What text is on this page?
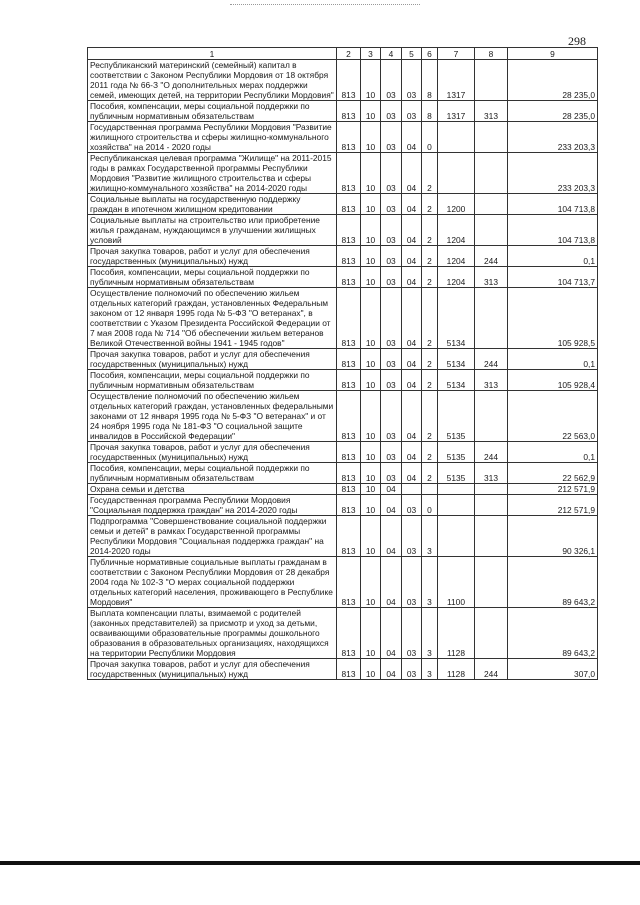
298
1	2	3	4	5	6	7	8	9
Республиканский материнский (семейный) капитал в соответствии с Законом Республики Мордовия от 18 октября 2011 года № 66-З "О дополнительных мерах поддержки семей, имеющих детей, на территории Республики Мордовия"	813	10	03	03	8	1317		28 235,0
Пособия, компенсации, меры социальной поддержки по публичным нормативным обязательствам	813	10	03	03	8	1317	313	28 235,0
Государственная программа Республики Мордовия "Развитие жилищного строительства и сферы жилищно-коммунального хозяйства" на 2014 - 2020 годы	813	10	03	04	0			233 203,3
Республиканская целевая программа "Жилище" на 2011-2015 годы в рамках Государственной программы Республики Мордовия "Развитие жилищного строительства и сферы жилищно-коммунального хозяйства" на 2014-2020 годы	813	10	03	04	2			233 203,3
Социальные выплаты на государственную поддержку граждан в ипотечном жилищном кредитовании	813	10	03	04	2	1200		104 713,8
Социальные выплаты на строительство или приобретение жилья гражданам, нуждающимся в улучшении жилищных условий	813	10	03	04	2	1204		104 713,8
Прочая закупка товаров, работ и услуг для обеспечения государственных (муниципальных) нужд	813	10	03	04	2	1204	244	0,1
Пособия, компенсации, меры социальной поддержки по публичным нормативным обязательствам	813	10	03	04	2	1204	313	104 713,7
Осуществление полномочий по обеспечению жильем отдельных категорий граждан, установленных Федеральным законом от 12 января 1995 года № 5-ФЗ "О ветеранах", в соответствии с Указом Президента Российской Федерации от 7 мая 2008 года № 714 "Об обеспечении жильем ветеранов Великой Отечественной войны 1941 - 1945 годов"	813	10	03	04	2	5134		105 928,5
Прочая закупка товаров, работ и услуг для обеспечения государственных (муниципальных) нужд	813	10	03	04	2	5134	244	0,1
Пособия, компенсации, меры социальной поддержки по публичным нормативным обязательствам	813	10	03	04	2	5134	313	105 928,4
Осуществление полномочий по обеспечению жильем отдельных категорий граждан, установленных федеральными законами от 12 января 1995 года № 5-ФЗ "О ветеранах" и от 24 ноября 1995 года № 181-ФЗ "О социальной защите инвалидов в Российской Федерации"	813	10	03	04	2	5135		22 563,0
Прочая закупка товаров, работ и услуг для обеспечения государственных (муниципальных) нужд	813	10	03	04	2	5135	244	0,1
Пособия, компенсации, меры социальной поддержки по публичным нормативным обязательствам	813	10	03	04	2	5135	313	22 562,9
Охрана семьи и детства	813	10	04					212 571,9
Государственная программа Республики Мордовия "Социальная поддержка граждан" на 2014-2020 годы	813	10	04	03	0			212 571,9
Подпрограмма "Совершенствование социальной поддержки семьи и детей" в рамках Государственной программы Республики Мордовия "Социальная поддержка граждан" на 2014-2020 годы	813	10	04	03	3			90 326,1
Публичные нормативные социальные выплаты гражданам в соответствии с Законом Республики Мордовия от 28 декабря 2004 года № 102-З "О мерах социальной поддержки отдельных категорий населения, проживающего в Республике Мордовия"	813	10	04	03	3	1100		89 643,2
Выплата компенсации платы, взимаемой с родителей (законных представителей) за присмотр и уход за детьми, осваивающими образовательные программы дошкольного образования в образовательных организациях, находящихся на территории Республики Мордовия	813	10	04	03	3	1128		89 643,2
Прочая закупка товаров, работ и услуг для обеспечения государственных (муниципальных) нужд	813	10	04	03	3	1128	244	307,0
